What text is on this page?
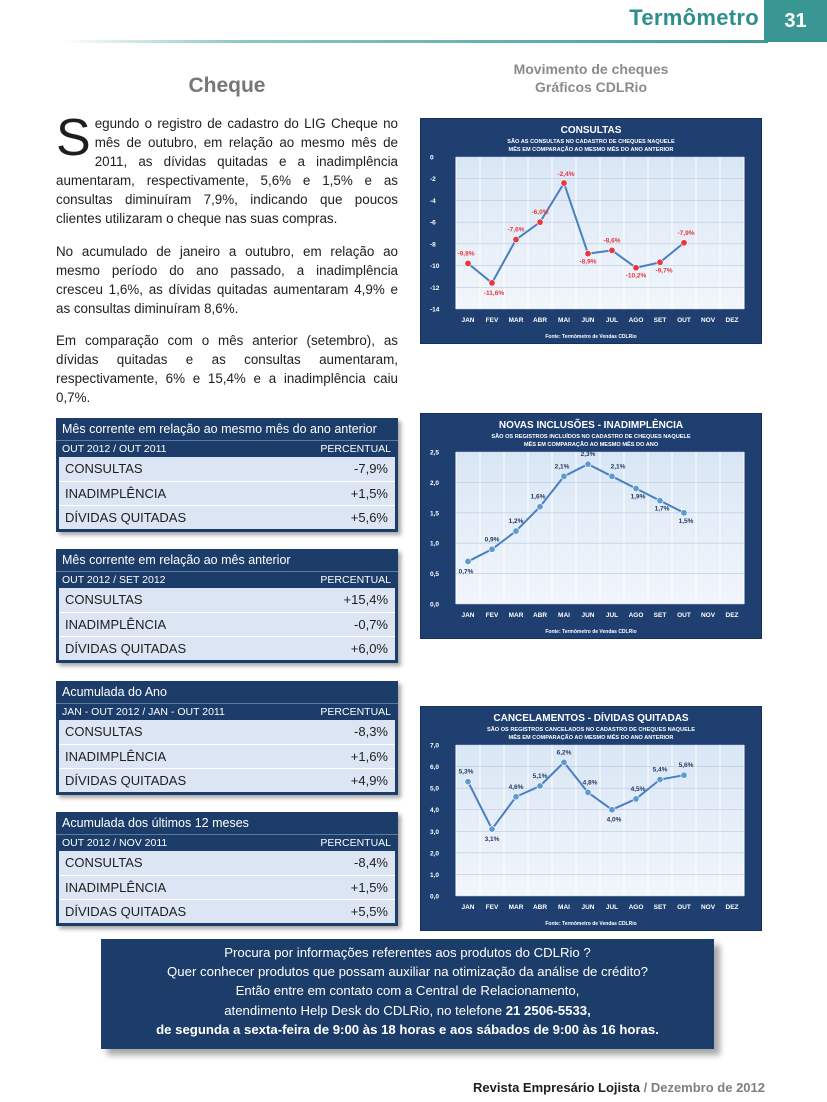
Termômetro	31
Cheque
Segundo o registro de cadastro do LIG Cheque no mês de outubro, em relação ao mesmo mês de 2011, as dívidas quitadas e a inadimplência aumentaram, respectivamente, 5,6% e 1,5% e as consultas diminuíram 7,9%, indicando que poucos clientes utilizaram o cheque nas suas compras.
No acumulado de janeiro a outubro, em relação ao mesmo período do ano passado, a inadimplência cresceu 1,6%, as dívidas quitadas aumentaram 4,9% e as consultas diminuíram 8,6%.
Em comparação com o mês anterior (setembro), as dívidas quitadas e as consultas aumentaram, respectivamente, 6% e 15,4% e a inadimplência caiu 0,7%.
Mês corrente em relação ao mesmo mês do ano anterior
OUT 2012 / OUT 2011	PERCENTUAL
CONSULTAS	-7,9%
INADIMPLÊNCIA	+1,5%
DÍVIDAS QUITADAS	+5,6%
Mês corrente em relação ao mês anterior
OUT 2012 / SET 2012	PERCENTUAL
CONSULTAS	+15,4%
INADIMPLÊNCIA	-0,7%
DÍVIDAS QUITADAS	+6,0%
Acumulada do Ano
JAN - OUT 2012 / JAN - OUT 2011	PERCENTUAL
CONSULTAS	-8,3%
INADIMPLÊNCIA	+1,6%
DÍVIDAS QUITADAS	+4,9%
Acumulada dos últimos 12 meses
OUT 2012 / NOV 2011	PERCENTUAL
CONSULTAS	-8,4%
INADIMPLÊNCIA	+1,5%
DÍVIDAS QUITADAS	+5,5%
Movimento de cheques
Gráficos CDLRio
CONSULTAS
SÃO AS CONSULTAS NO CADASTRO DE CHEQUES NAQUELE
MÊS EM COMPARAÇÃO AO MESMO MÊS DO ANO ANTERIOR
0
-2
-4
-6
-8
-10
-12
-14
JAN FEV MAR ABR MAI JUN JUL AGO SET OUT NOV DEZ
-9,8%
-11,6%
-7,6%
-6,0%
-2,4%
-8,9%
-8,6%
-10,2%
-9,7%
-7,9%
Fonte: Termômetro de Vendas CDLRio
NOVAS INCLUSÕES - INADIMPLÊNCIA
SÃO OS REGISTROS INCLUÍDOS NO CADASTRO DE CHEQUES NAQUELE
MÊS EM COMPARAÇÃO AO MESMO MÊS DO ANO
0,0
0,5
1,0
1,5
2,0
2,5
JAN FEV MAR ABR MAI JUN JUL AGO SET OUT NOV DEZ
0,7%
0,9%
1,2%
1,6%
2,1%
2,3%
2,1%
1,9%
1,7%
1,5%
Fonte: Termômetro de Vendas CDLRio
CANCELAMENTOS - DÍVIDAS QUITADAS
SÃO OS REGISTROS CANCELADOS NO CADASTRO DE CHEQUES NAQUELE
MÊS EM COMPARAÇÃO AO MESMO MÊS DO ANO ANTERIOR
0,0
1,0
2,0
3,0
4,0
5,0
6,0
7,0
JAN FEV MAR ABR MAI JUN JUL AGO SET OUT NOV DEZ
5,3%
3,1%
4,6%
5,1%
6,2%
4,8%
4,0%
4,5%
5,4%
5,6%
Fonte: Termômetro de Vendas CDLRio
Procura por informações referentes aos produtos do CDLRio ?
Quer conhecer produtos que possam auxiliar na otimização da análise de crédito?
Então entre em contato com a Central de Relacionamento,
atendimento Help Desk do CDLRio, no telefone 21 2506-5533,
de segunda a sexta-feira de 9:00 às 18 horas e aos sábados de 9:00 às 16 horas.
Revista Empresário Lojista / Dezembro de 2012
